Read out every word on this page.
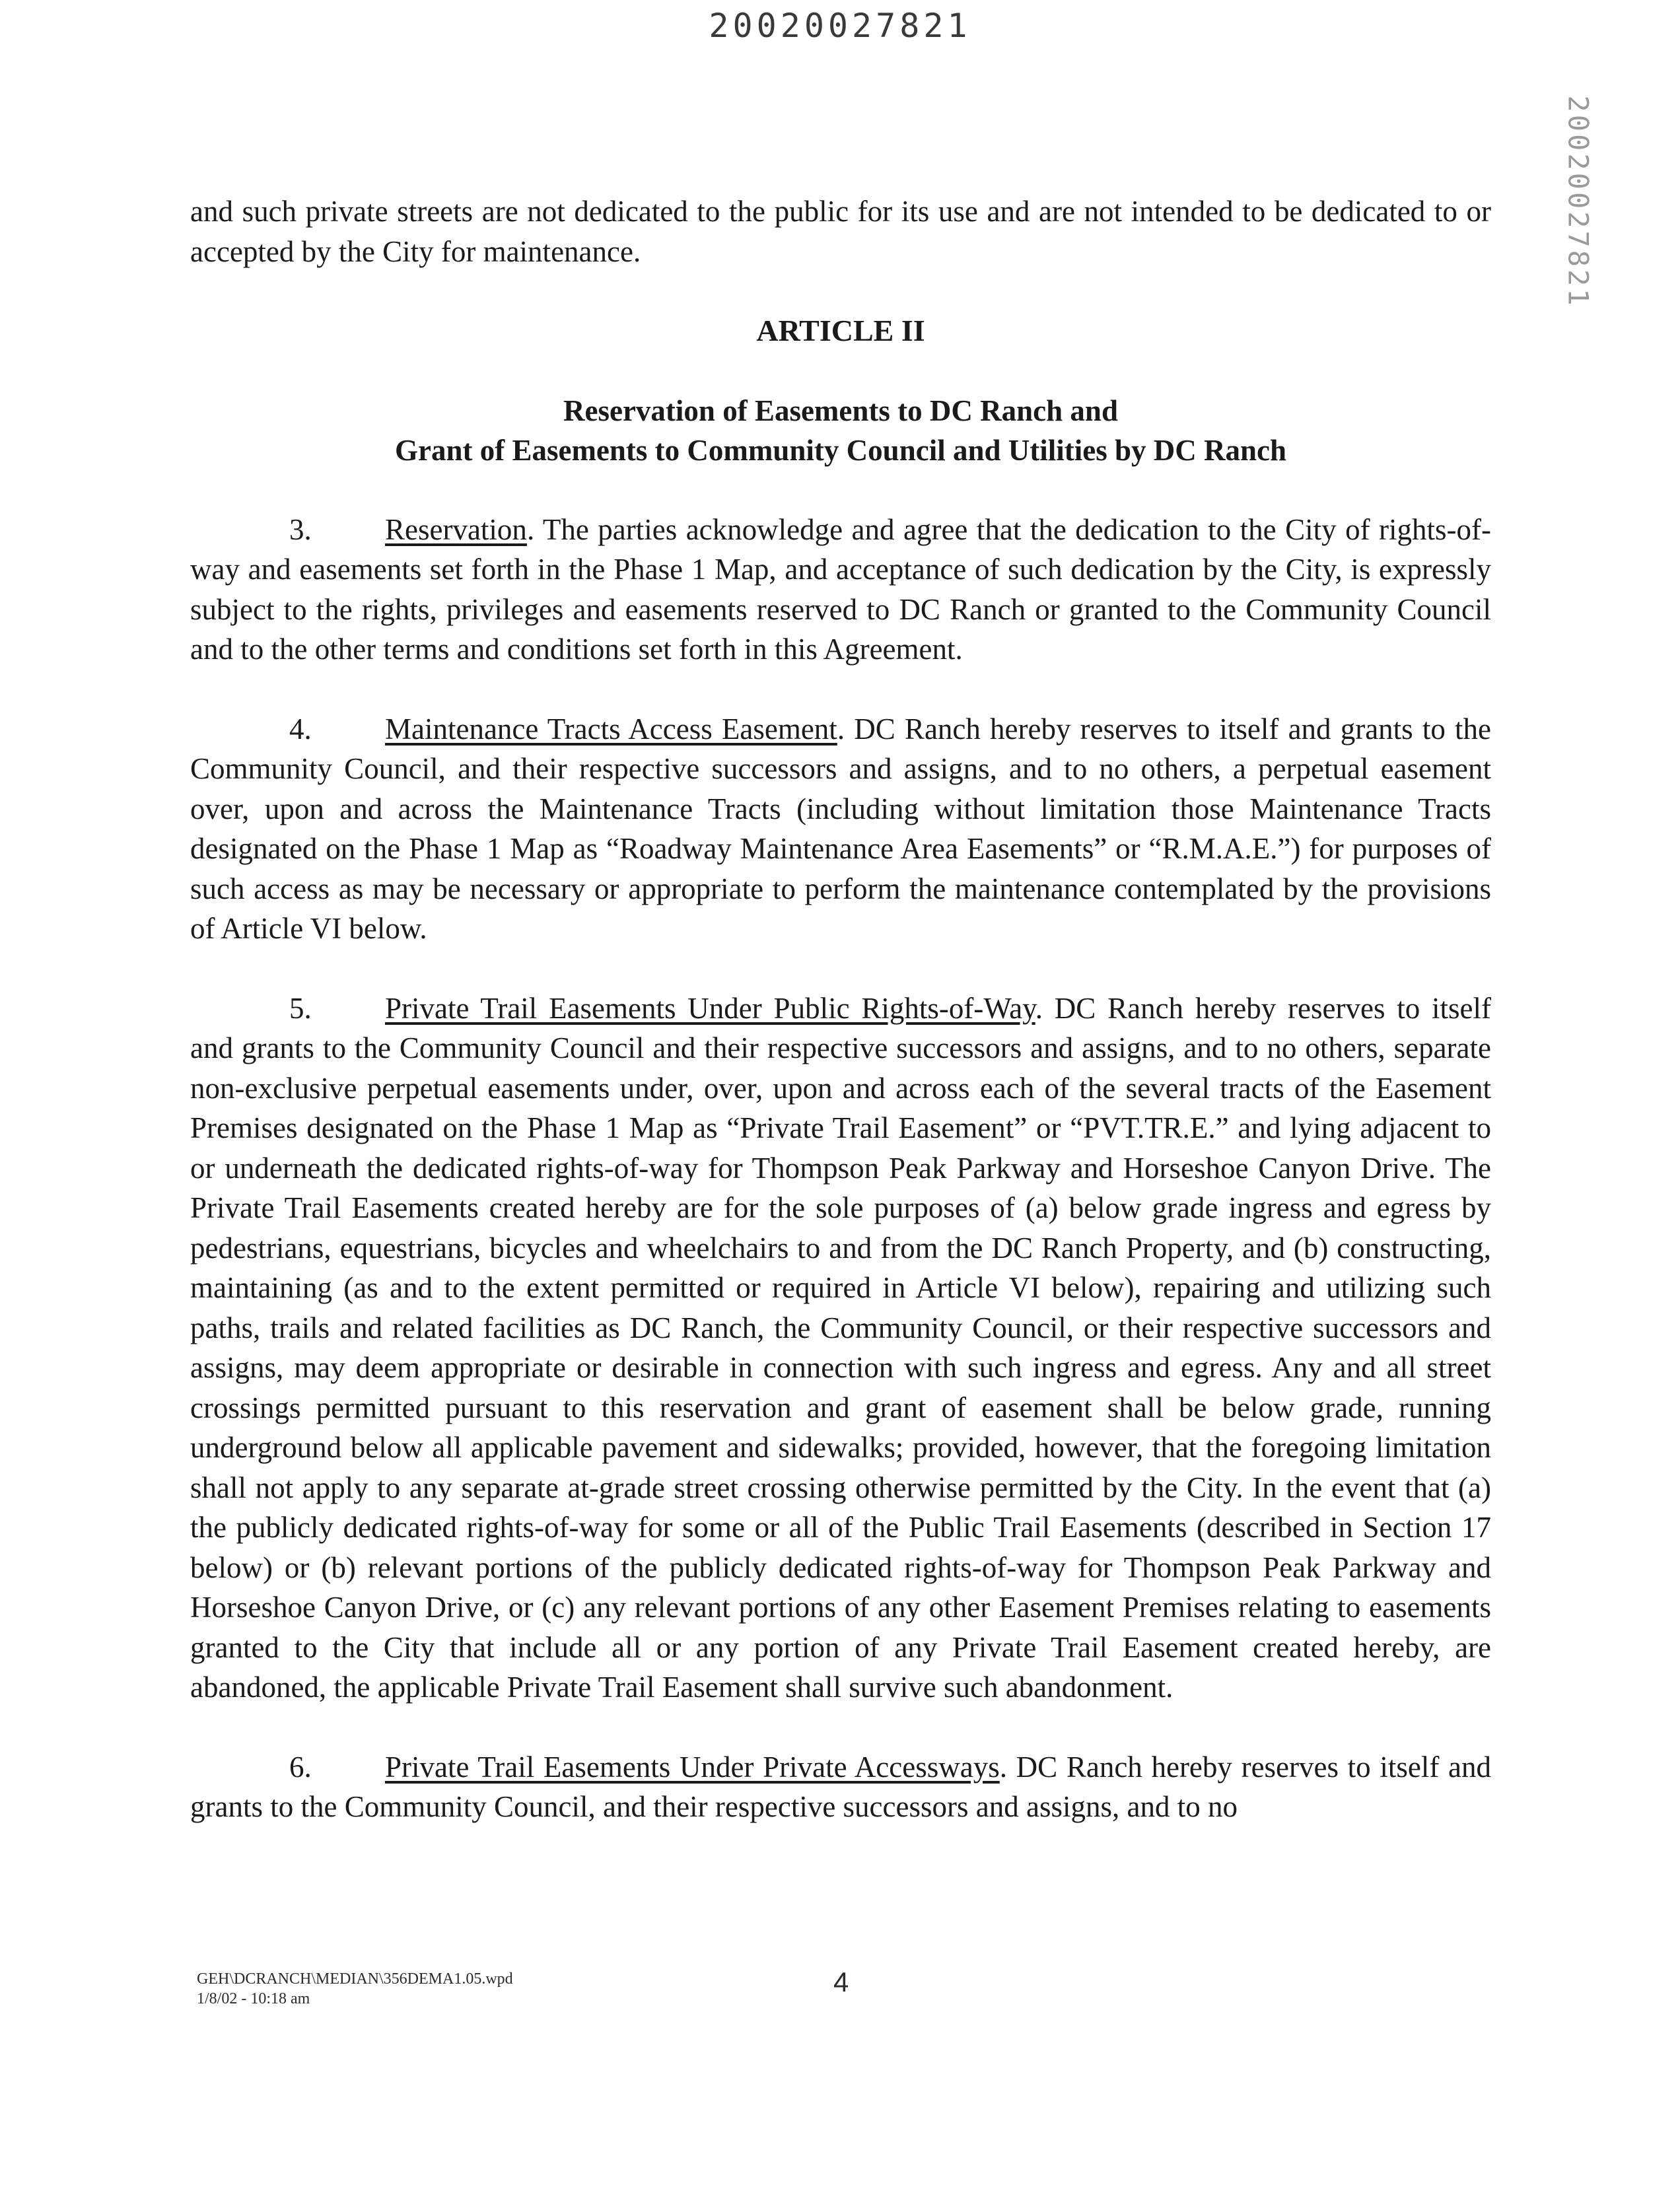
20020027821
20020027821

and such private streets are not dedicated to the public for its use and are not intended to be dedicated to or accepted by the City for maintenance.

ARTICLE II

Reservation of Easements to DC Ranch and
Grant of Easements to Community Council and Utilities by DC Ranch

3. Reservation. The parties acknowledge and agree that the dedication to the City of rights-of-way and easements set forth in the Phase 1 Map, and acceptance of such dedication by the City, is expressly subject to the rights, privileges and easements reserved to DC Ranch or granted to the Community Council and to the other terms and conditions set forth in this Agreement.

4. Maintenance Tracts Access Easement. DC Ranch hereby reserves to itself and grants to the Community Council, and their respective successors and assigns, and to no others, a perpetual easement over, upon and across the Maintenance Tracts (including without limitation those Maintenance Tracts designated on the Phase 1 Map as “Roadway Maintenance Area Easements” or “R.M.A.E.”) for purposes of such access as may be necessary or appropriate to perform the maintenance contemplated by the provisions of Article VI below.

5. Private Trail Easements Under Public Rights-of-Way. DC Ranch hereby reserves to itself and grants to the Community Council and their respective successors and assigns, and to no others, separate non-exclusive perpetual easements under, over, upon and across each of the several tracts of the Easement Premises designated on the Phase 1 Map as “Private Trail Easement” or “PVT.TR.E.” and lying adjacent to or underneath the dedicated rights-of-way for Thompson Peak Parkway and Horseshoe Canyon Drive. The Private Trail Easements created hereby are for the sole purposes of (a) below grade ingress and egress by pedestrians, equestrians, bicycles and wheelchairs to and from the DC Ranch Property, and (b) constructing, maintaining (as and to the extent permitted or required in Article VI below), repairing and utilizing such paths, trails and related facilities as DC Ranch, the Community Council, or their respective successors and assigns, may deem appropriate or desirable in connection with such ingress and egress. Any and all street crossings permitted pursuant to this reservation and grant of easement shall be below grade, running underground below all applicable pavement and sidewalks; provided, however, that the foregoing limitation shall not apply to any separate at-grade street crossing otherwise permitted by the City. In the event that (a) the publicly dedicated rights-of-way for some or all of the Public Trail Easements (described in Section 17 below) or (b) relevant portions of the publicly dedicated rights-of-way for Thompson Peak Parkway and Horseshoe Canyon Drive, or (c) any relevant portions of any other Easement Premises relating to easements granted to the City that include all or any portion of any Private Trail Easement created hereby, are abandoned, the applicable Private Trail Easement shall survive such abandonment.

6. Private Trail Easements Under Private Accessways. DC Ranch hereby reserves to itself and grants to the Community Council, and their respective successors and assigns, and to no

GEH\DCRANCH\MEDIAN\356DEMA1.05.wpd
1/8/02 - 10:18 am
4
